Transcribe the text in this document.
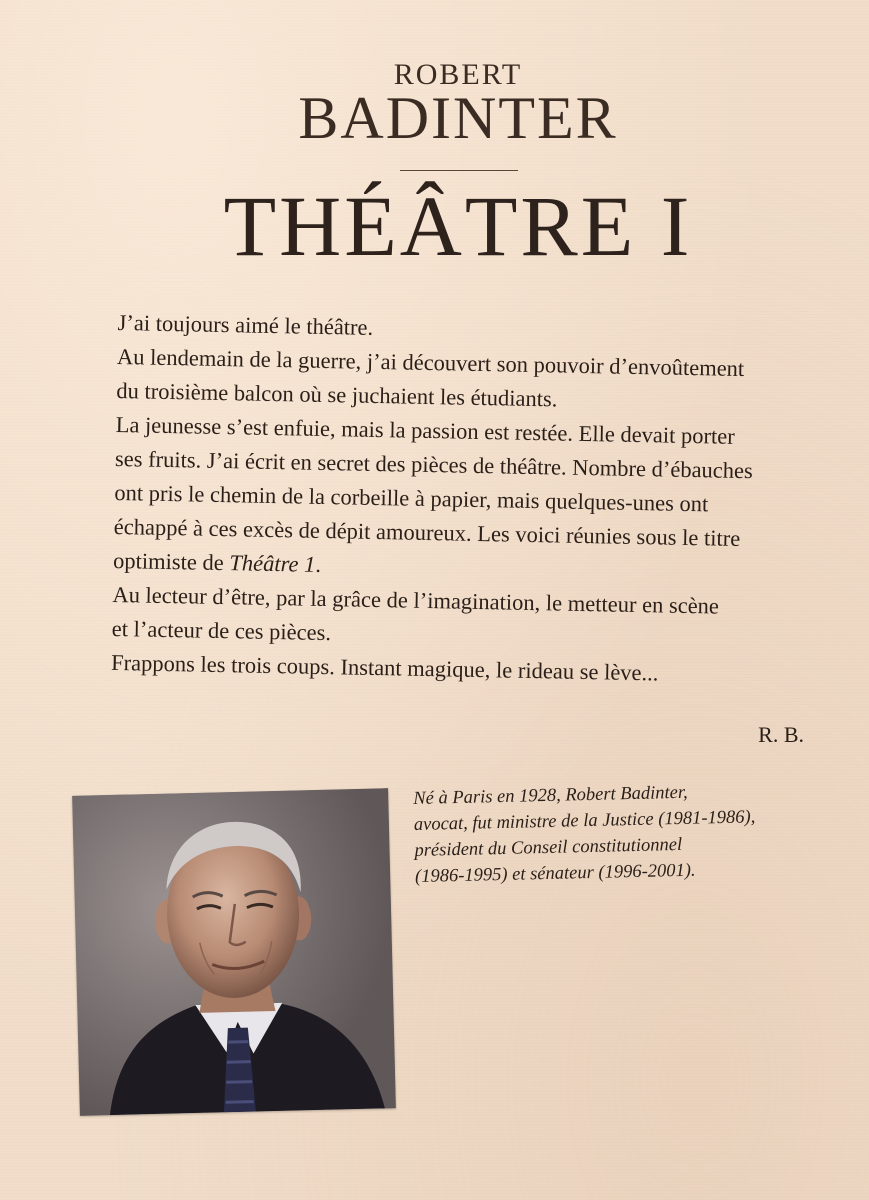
ROBERT
BADINTER
THÉÂTRE I
J’ai toujours aimé le théâtre.
Au lendemain de la guerre, j’ai découvert son pouvoir d’envoûtement
du troisième balcon où se juchaient les étudiants.
La jeunesse s’est enfuie, mais la passion est restée. Elle devait porter
ses fruits. J’ai écrit en secret des pièces de théâtre. Nombre d’ébauches
ont pris le chemin de la corbeille à papier, mais quelques-unes ont
échappé à ces excès de dépit amoureux. Les voici réunies sous le titre
optimiste de Théâtre 1.
Au lecteur d’être, par la grâce de l’imagination, le metteur en scène
et l’acteur de ces pièces.
Frappons les trois coups. Instant magique, le rideau se lève...
R. B.
Né à Paris en 1928, Robert Badinter,
avocat, fut ministre de la Justice (1981-1986),
président du Conseil constitutionnel
(1986-1995) et sénateur (1996-2001).
